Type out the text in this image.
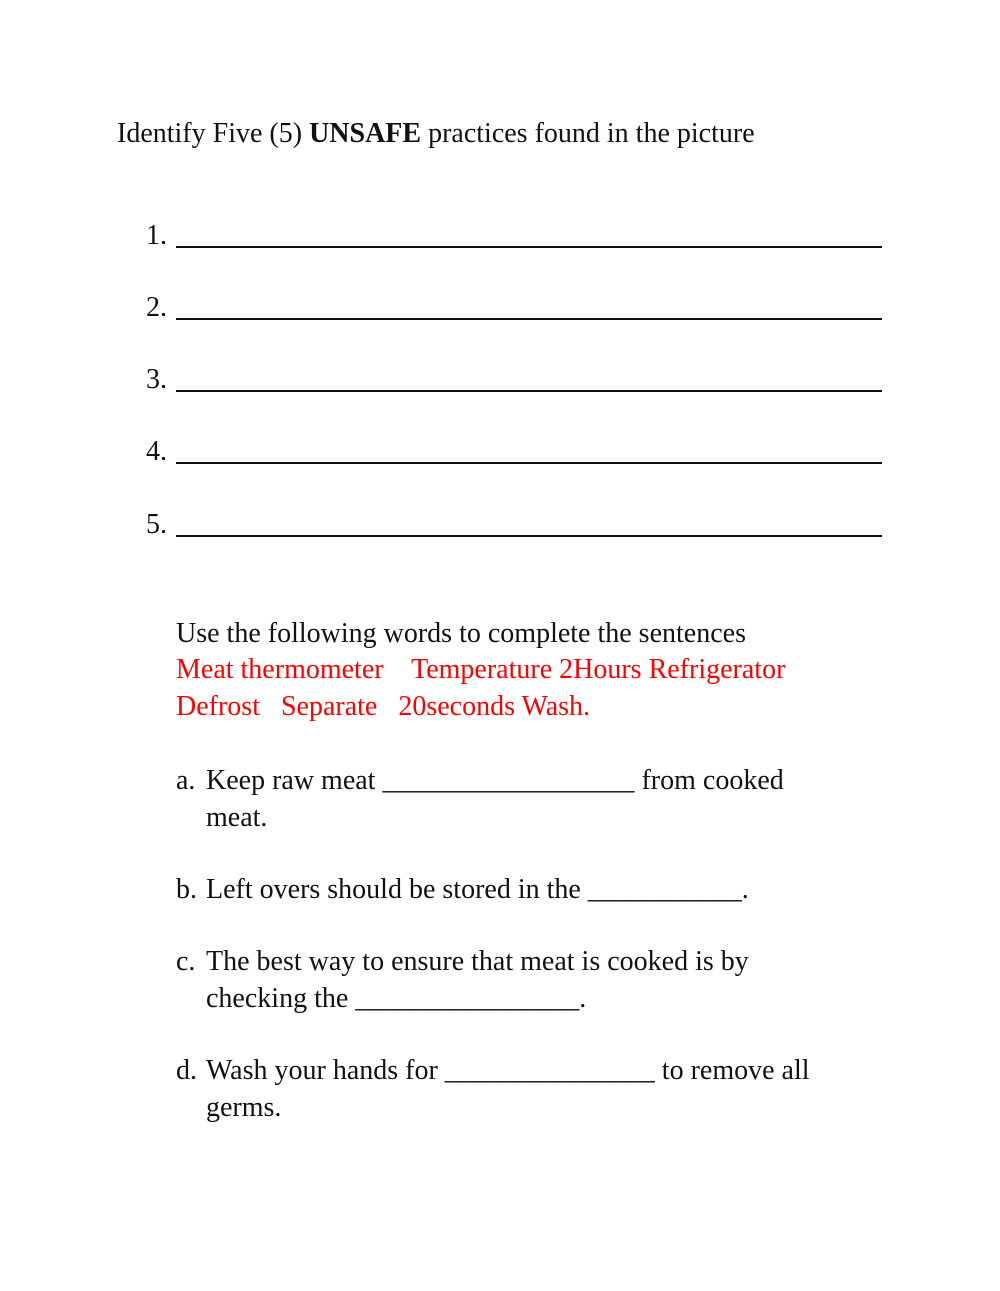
Identify Five (5) UNSAFE practices found in the picture
1.
2.
3.
4.
5.
Use the following words to complete the sentences
Meat thermometer    Temperature 2Hours Refrigerator
Defrost   Separate   20seconds Wash.
a. Keep raw meat __________________ from cooked
meat.
b. Left overs should be stored in the ___________.
c. The best way to ensure that meat is cooked is by
checking the ________________.
d. Wash your hands for _______________ to remove all
germs.
